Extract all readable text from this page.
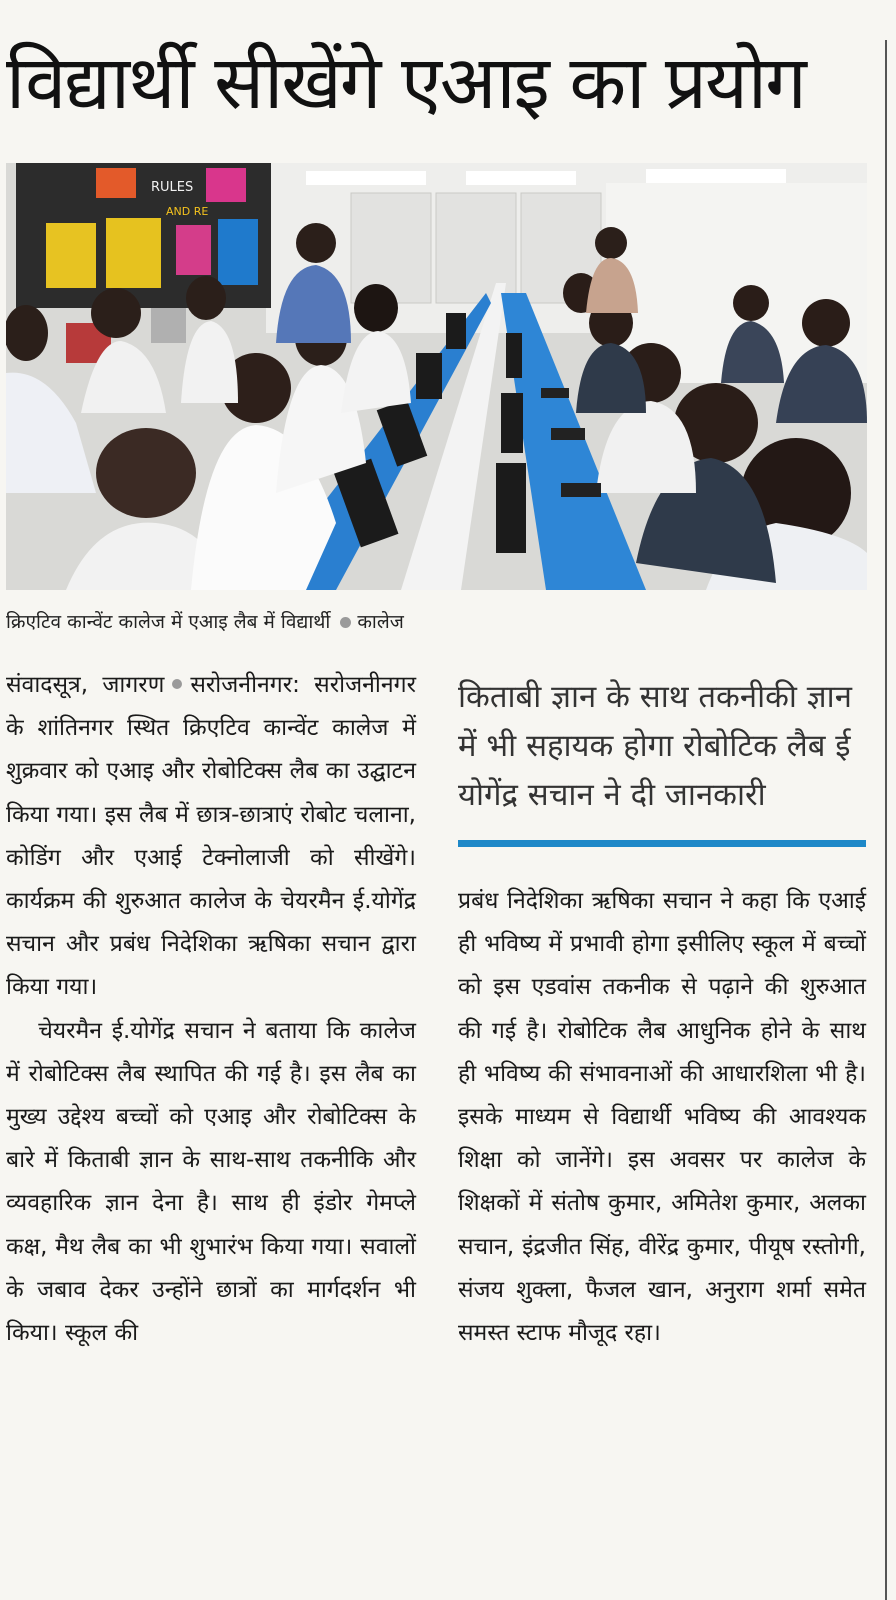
विद्यार्थी सीखेंगे एआइ का प्रयोग
RULES
AND RE
क्रिएटिव कान्वेंट कालेज में एआइ लैब में विद्यार्थी कालेज

संवादसूत्र, जागरण सरोजनीनगर: सरोजनीनगर के शांतिनगर स्थित क्रिएटिव कान्वेंट कालेज में शुक्रवार को एआइ और रोबोटिक्स लैब का उद्घाटन किया गया। इस लैब में छात्र-छात्राएं रोबोट चलाना, कोडिंग और एआई टेक्नोलाजी को सीखेंगे। कार्यक्रम की शुरुआत कालेज के चेयरमैन ई.योगेंद्र सचान और प्रबंध निदेशिका ऋषिका सचान द्वारा किया गया।

चेयरमैन ई.योगेंद्र सचान ने बताया कि कालेज में रोबोटिक्स लैब स्थापित की गई है। इस लैब का मुख्य उद्देश्य बच्चों को एआइ और रोबोटिक्स के बारे में किताबी ज्ञान के साथ-साथ तकनीकि और व्यवहारिक ज्ञान देना है। साथ ही इंडोर गेमप्ले कक्ष, मैथ लैब का भी शुभारंभ किया गया। सवालों के जबाव देकर उन्होंने छात्रों का मार्गदर्शन भी किया। स्कूल की

किताबी ज्ञान के साथ तकनीकी ज्ञान में भी सहायक होगा रोबोटिक लैब ई योगेंद्र सचान ने दी जानकारी

प्रबंध निदेशिका ऋषिका सचान ने कहा कि एआई ही भविष्य में प्रभावी होगा इसीलिए स्कूल में बच्चों को इस एडवांस तकनीक से पढ़ाने की शुरुआत की गई है। रोबोटिक लैब आधुनिक होने के साथ ही भविष्य की संभावनाओं की आधारशिला भी है। इसके माध्यम से विद्यार्थी भविष्य की आवश्यक शिक्षा को जानेंगे। इस अवसर पर कालेज के शिक्षकों में संतोष कुमार, अमितेश कुमार, अलका सचान, इंद्रजीत सिंह, वीरेंद्र कुमार, पीयूष रस्तोगी, संजय शुक्ला, फैजल खान, अनुराग शर्मा समेत समस्त स्टाफ मौजूद रहा।
